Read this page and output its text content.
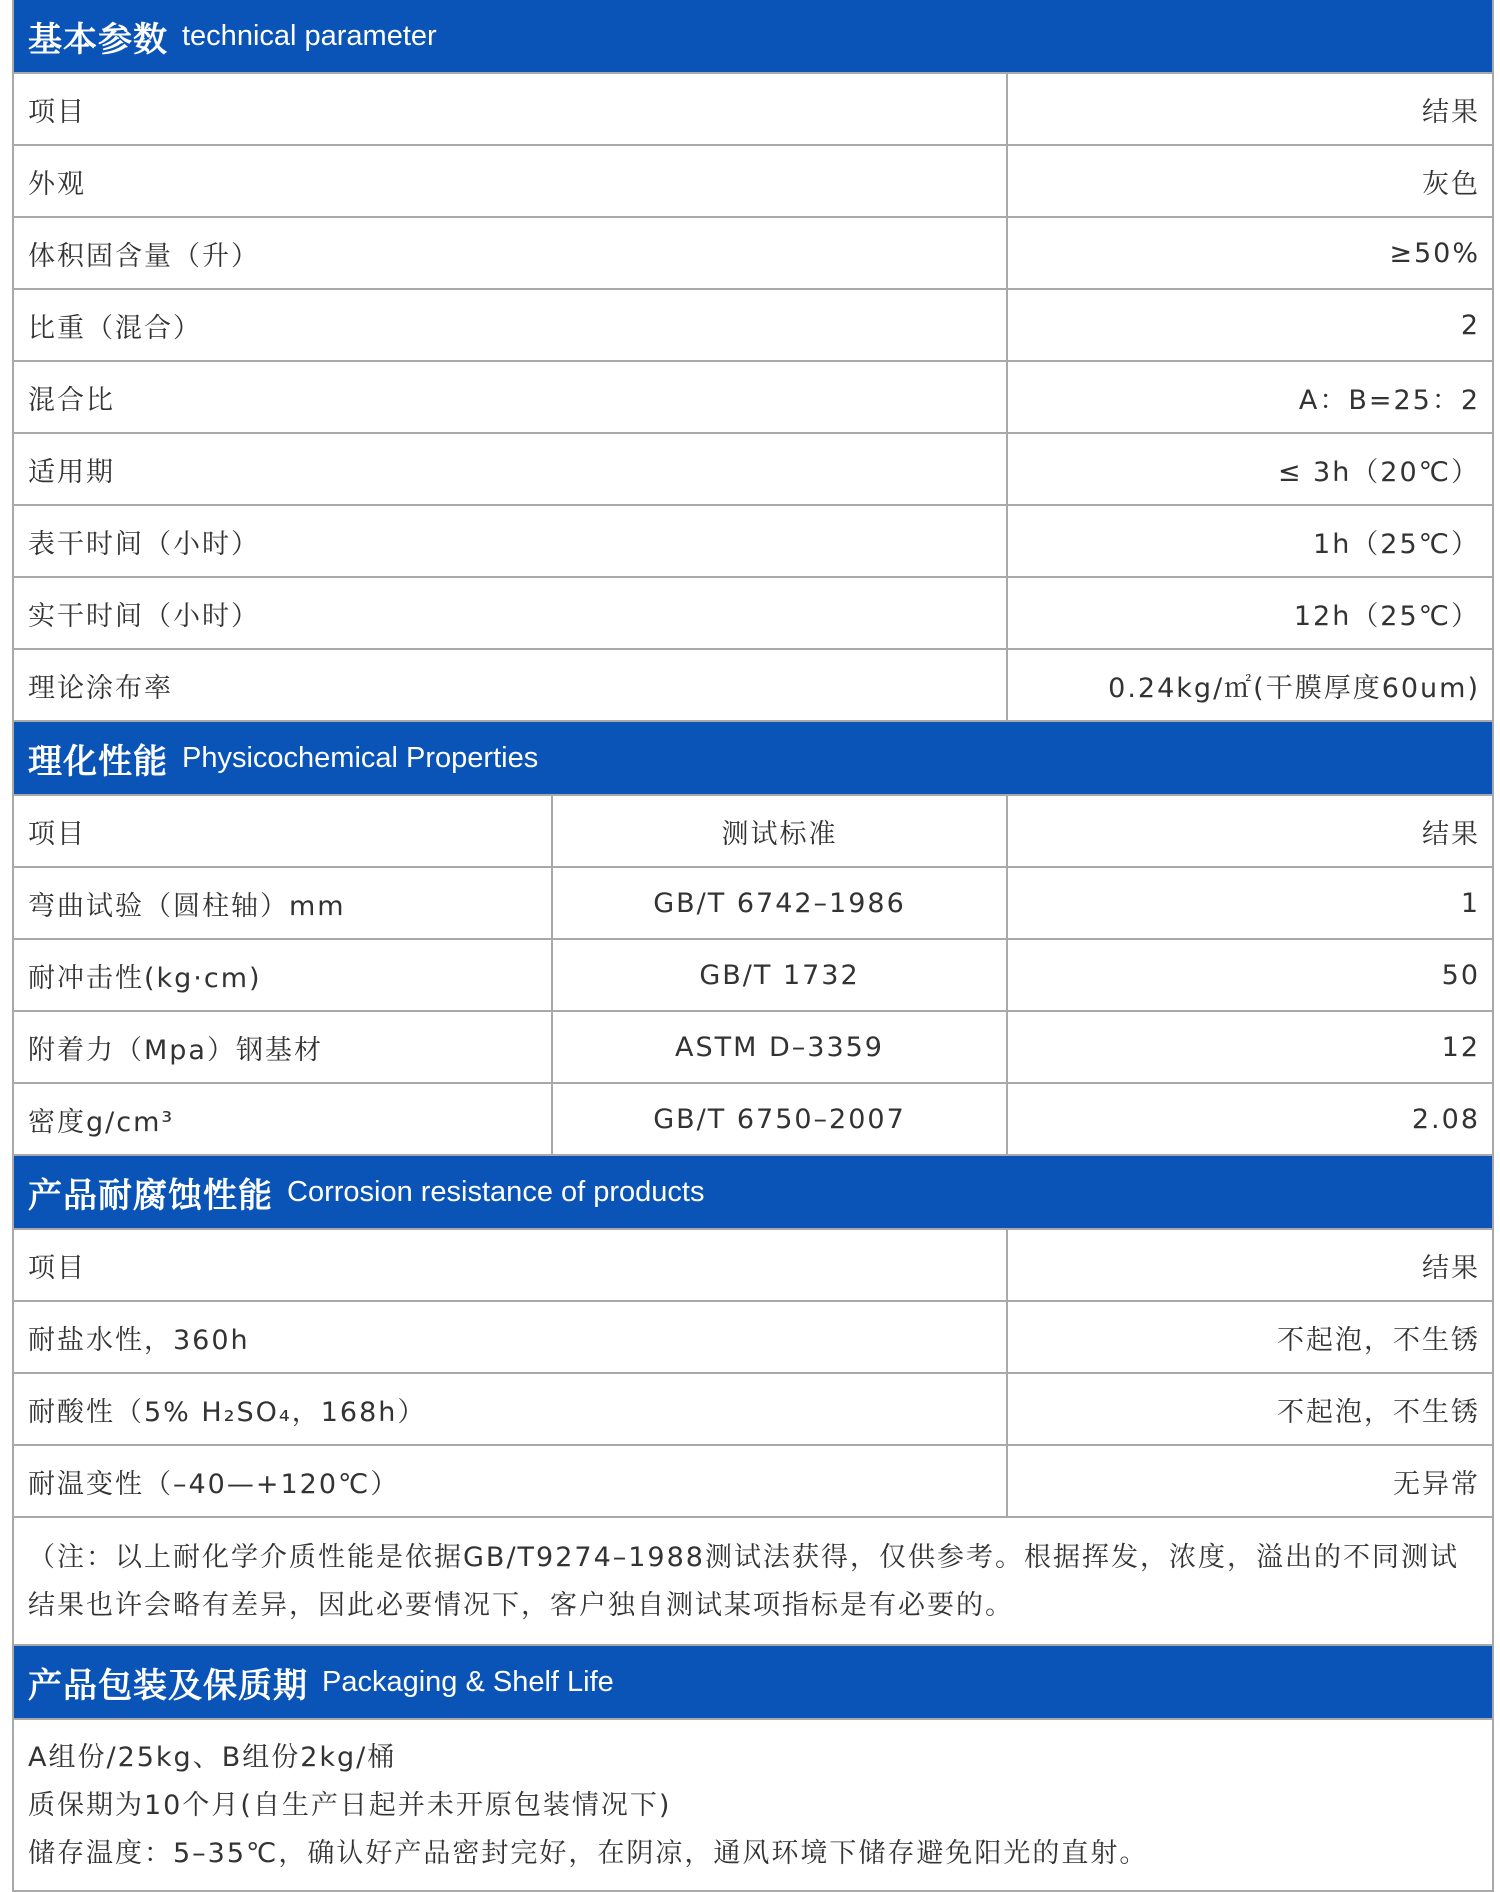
基本参数 technical parameter
项目	结果
外观	灰色
体积固含量（升）	≥50%
比重（混合）	2
混合比	A：B=25：2
适用期	≤ 3h（20℃）
表干时间（小时）	1h（25℃）
实干时间（小时）	12h（25℃）
理论涂布率	0.24kg/㎡(干膜厚度60um)
理化性能 Physicochemical Properties
项目	测试标准	结果
弯曲试验（圆柱轴）mm	GB/T 6742–1986	1
耐冲击性(kg·cm)	GB/T 1732	50
附着力（Mpa）钢基材	ASTM D–3359	12
密度g/cm³	GB/T 6750–2007	2.08
产品耐腐蚀性能 Corrosion resistance of products
项目	结果
耐盐水性，360h	不起泡，不生锈
耐酸性（5% H₂SO₄，168h）	不起泡，不生锈
耐温变性（–40—+120℃）	无异常
（注：以上耐化学介质性能是依据GB/T9274–1988测试法获得，仅供参考。根据挥发，浓度，溢出的不同测试结果也许会略有差异，因此必要情况下，客户独自测试某项指标是有必要的。
产品包装及保质期 Packaging & Shelf Life
A组份/25kg、B组份2kg/桶
质保期为10个月(自生产日起并未开原包装情况下)
储存温度：5–35℃，确认好产品密封完好，在阴凉，通风环境下储存避免阳光的直射。
